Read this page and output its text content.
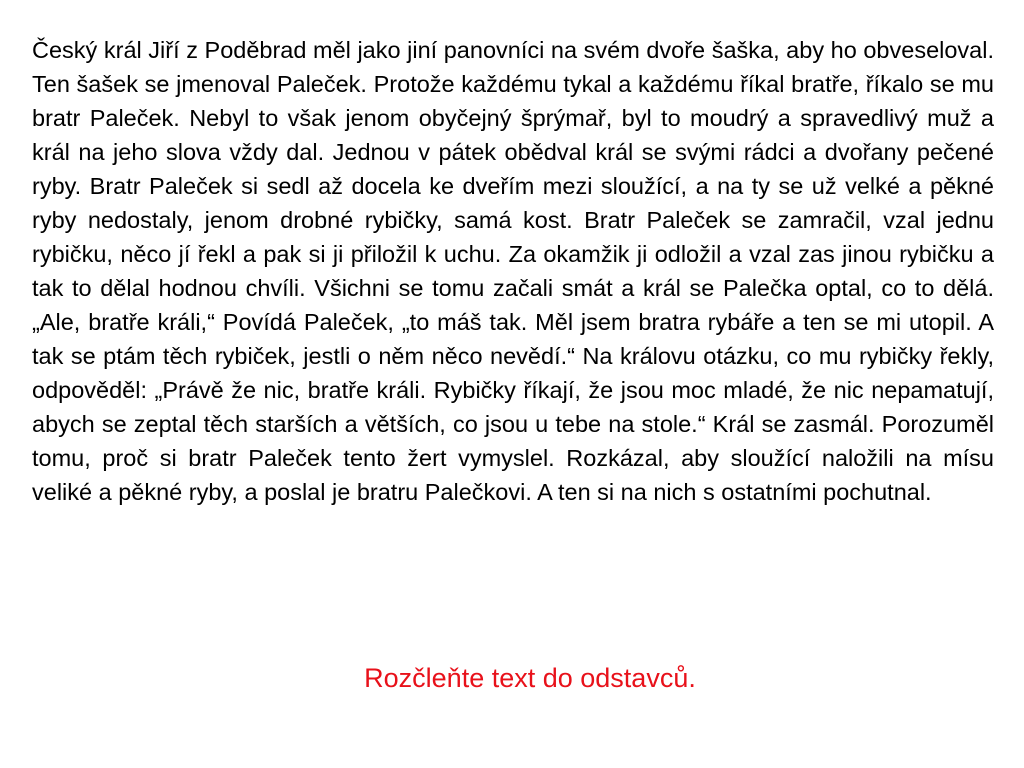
Český král Jiří z Poděbrad měl jako jiní panovníci na svém dvoře šaška, aby ho obveseloval. Ten šašek se jmenoval Paleček. Protože každému tykal a každému říkal bratře, říkalo se mu bratr Paleček. Nebyl to však jenom obyčejný šprýmař, byl to moudrý a spravedlivý muž a král na jeho slova vždy dal. Jednou v pátek obědval král se svými rádci a dvořany pečené ryby. Bratr Paleček si sedl až docela ke dveřím mezi sloužící, a na ty se už velké a pěkné ryby nedostaly, jenom drobné rybičky, samá kost. Bratr Paleček se zamračil, vzal jednu rybičku, něco jí řekl a pak si ji přiložil k uchu. Za okamžik ji odložil a vzal zas jinou rybičku a tak to dělal hodnou chvíli. Všichni se tomu začali smát a král se Palečka optal, co to dělá. „Ale, bratře králi,“ Povídá Paleček, „to máš tak. Měl jsem bratra rybáře a ten se mi utopil. A tak se ptám těch rybiček, jestli o něm něco nevědí.“ Na královu otázku, co mu rybičky řekly, odpověděl: „Právě že nic, bratře králi. Rybičky říkají, že jsou moc mladé, že nic nepamatují, abych se zeptal těch starších a větších, co jsou u tebe na stole.“ Král se zasmál. Porozuměl tomu, proč si bratr Paleček tento žert vymyslel. Rozkázal, aby sloužící naložili na mísu veliké a pěkné ryby, a poslal je bratru Palečkovi. A ten si na nich s ostatními pochutnal.

Rozčleňte text do odstavců.
